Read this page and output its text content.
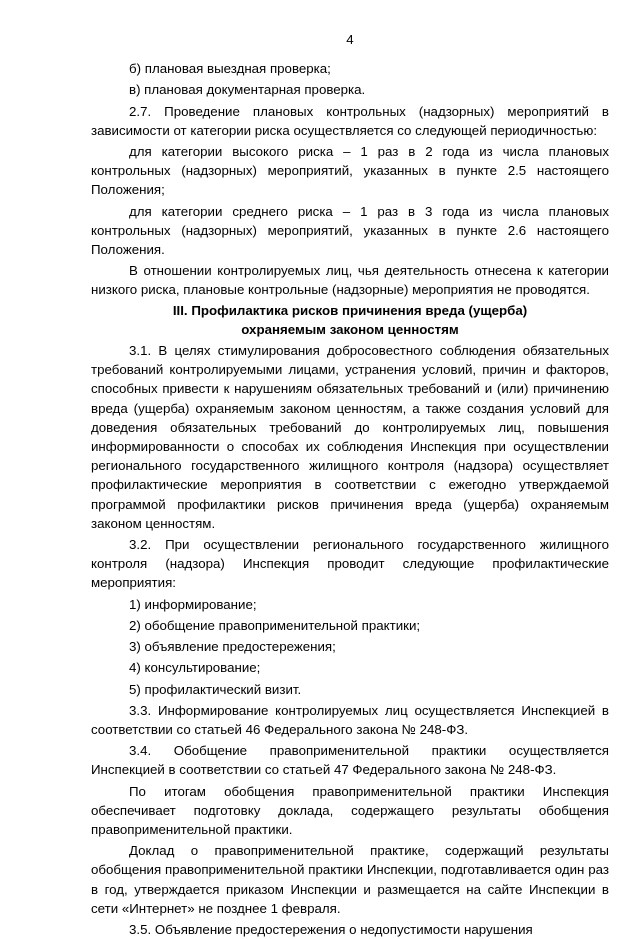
4

б) плановая выездная проверка;

в) плановая документарная проверка.

2.7. Проведение плановых контрольных (надзорных) мероприятий в зависимости от категории риска осуществляется со следующей периодичностью:

для категории высокого риска – 1 раз в 2 года из числа плановых контрольных (надзорных) мероприятий, указанных в пункте 2.5 настоящего Положения;

для категории среднего риска – 1 раз в 3 года из числа плановых контрольных (надзорных) мероприятий, указанных в пункте 2.6 настоящего Положения.

В отношении контролируемых лиц, чья деятельность отнесена к категории низкого риска, плановые контрольные (надзорные) мероприятия не проводятся.

III. Профилактика рисков причинения вреда (ущерба)
охраняемым законом ценностям

3.1. В целях стимулирования добросовестного соблюдения обязательных требований контролируемыми лицами, устранения условий, причин и факторов, способных привести к нарушениям обязательных требований и (или) причинению вреда (ущерба) охраняемым законом ценностям, а также создания условий для доведения обязательных требований до контролируемых лиц, повышения информированности о способах их соблюдения Инспекция при осуществлении регионального государственного жилищного контроля (надзора) осуществляет профилактические мероприятия в соответствии с ежегодно утверждаемой программой профилактики рисков причинения вреда (ущерба) охраняемым законом ценностям.

3.2. При осуществлении регионального государственного жилищного контроля (надзора) Инспекция проводит следующие профилактические мероприятия:

1) информирование;

2) обобщение правоприменительной практики;

3) объявление предостережения;

4) консультирование;

5) профилактический визит.

3.3. Информирование контролируемых лиц осуществляется Инспекцией в соответствии со статьей 46 Федерального закона № 248-ФЗ.

3.4. Обобщение правоприменительной практики осуществляется Инспекцией в соответствии со статьей 47 Федерального закона № 248-ФЗ.

По итогам обобщения правоприменительной практики Инспекция обеспечивает подготовку доклада, содержащего результаты обобщения правоприменительной практики.

Доклад о правоприменительной практике, содержащий результаты обобщения правоприменительной практики Инспекции, подготавливается один раз в год, утверждается приказом Инспекции и размещается на сайте Инспекции в сети «Интернет» не позднее 1 февраля.

3.5. Объявление предостережения о недопустимости нарушения
